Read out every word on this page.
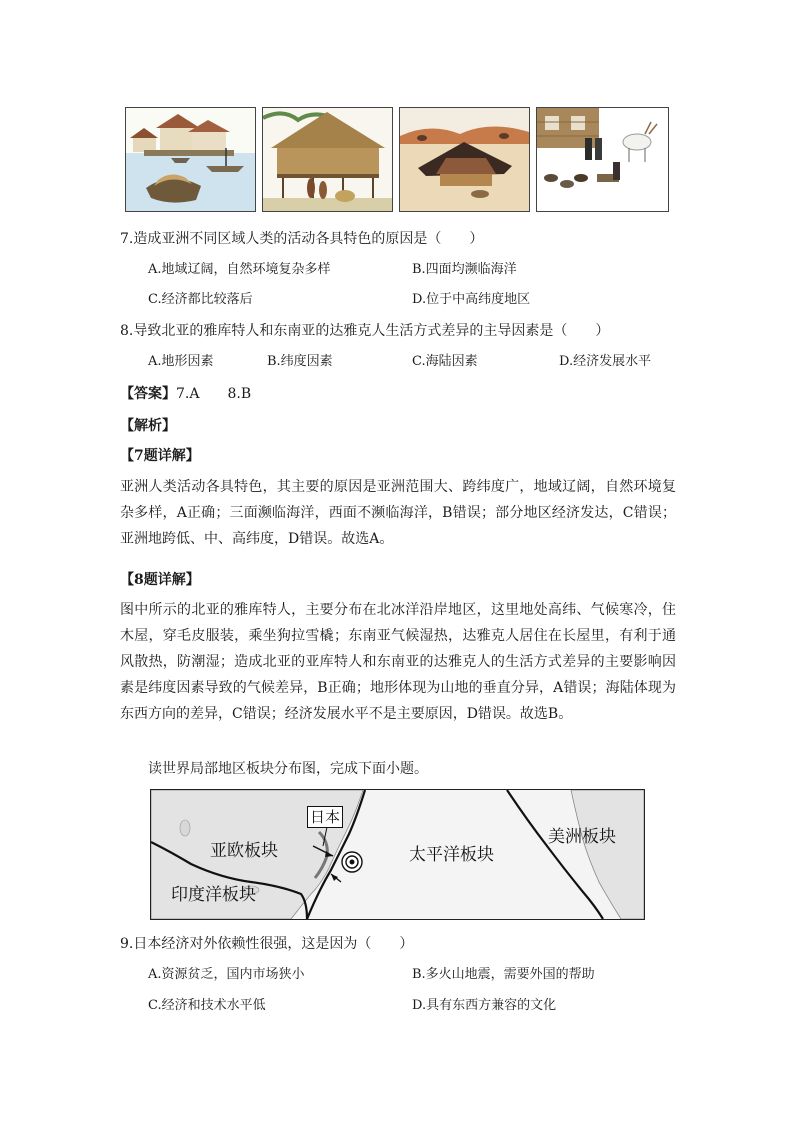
7.造成亚洲不同区域人类的活动各具特色的原因是（　　）
A.地域辽阔，自然环境复杂多样	B.四面均濒临海洋
C.经济都比较落后	D.位于中高纬度地区
8.导致北亚的雅库特人和东南亚的达雅克人生活方式差异的主导因素是（　　）
A.地形因素	B.纬度因素	C.海陆因素	D.经济发展水平
【答案】7.A　　8.B
【解析】
【7题详解】
亚洲人类活动各具特色，其主要的原因是亚洲范围大、跨纬度广，地域辽阔，自然环境复杂多样，A正确；三面濒临海洋，西面不濒临海洋，B错误；部分地区经济发达，C错误；亚洲地跨低、中、高纬度，D错误。故选A。
【8题详解】
图中所示的北亚的雅库特人，主要分布在北冰洋沿岸地区，这里地处高纬、气候寒冷，住木屋，穿毛皮服装，乘坐狗拉雪橇；东南亚气候湿热，达雅克人居住在长屋里，有利于通风散热，防潮湿；造成北亚的亚库特人和东南亚的达雅克人的生活方式差异的主要影响因素是纬度因素导致的气候差异，B正确；地形体现为山地的垂直分异，A错误；海陆体现为东西方向的差异，C错误；经济发展水平不是主要原因，D错误。故选B。
读世界局部地区板块分布图，完成下面小题。
日本
亚欧板块
印度洋板块
太平洋板块
美洲板块
9.日本经济对外依赖性很强，这是因为（　　）
A.资源贫乏，国内市场狭小	B.多火山地震，需要外国的帮助
C.经济和技术水平低	D.具有东西方兼容的文化
